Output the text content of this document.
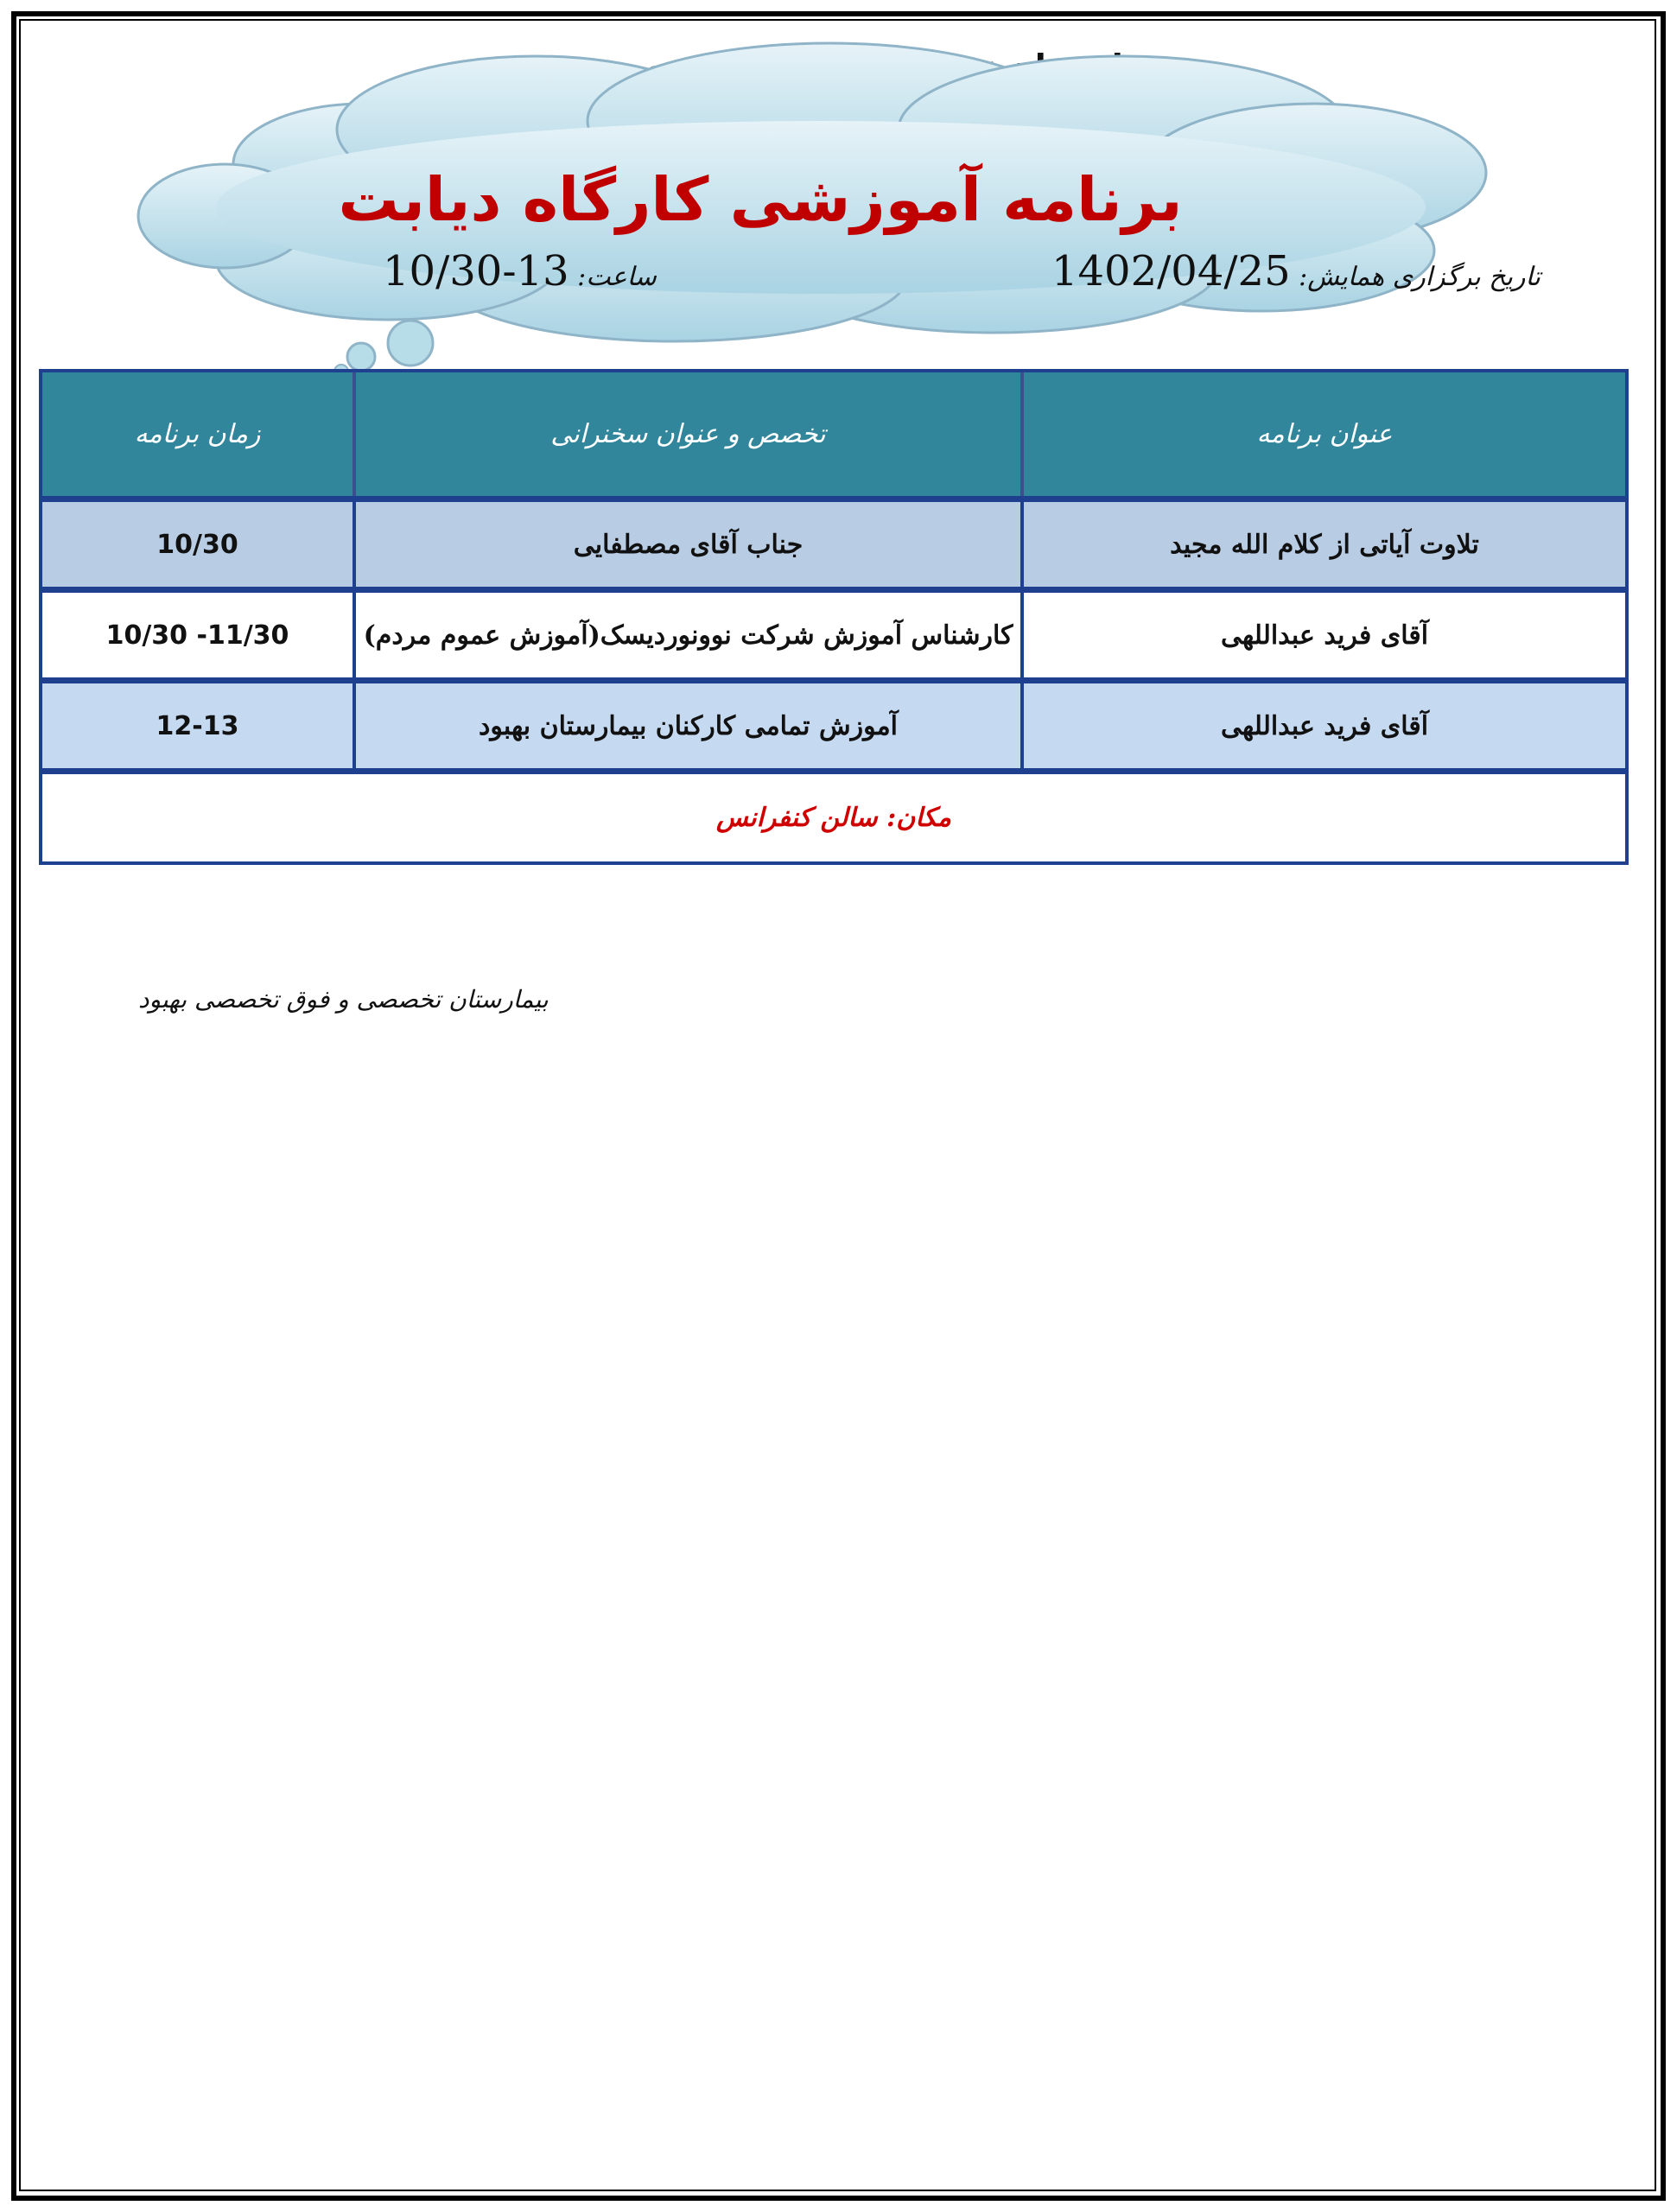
برنامه آموزشی کارگاه دیابت
تاریخ برگزاری همایش: 1402/04/25
ساعت: 13-10/30
عنوان برنامه
تخصص و عنوان سخنرانی
زمان برنامه
تلاوت آیاتی از کلام الله مجید
جناب آقای مصطفایی
10/30
آقای فرید عبداللهی
کارشناس آموزش شرکت نوونوردیسک(آموزش عموم مردم)
10/30 -11/30
آقای فرید عبداللهی
آموزش تمامی کارکنان بیمارستان بهبود
12-13
مکان: سالن کنفرانس
بیمارستان تخصصی و فوق تخصصی بهبود
